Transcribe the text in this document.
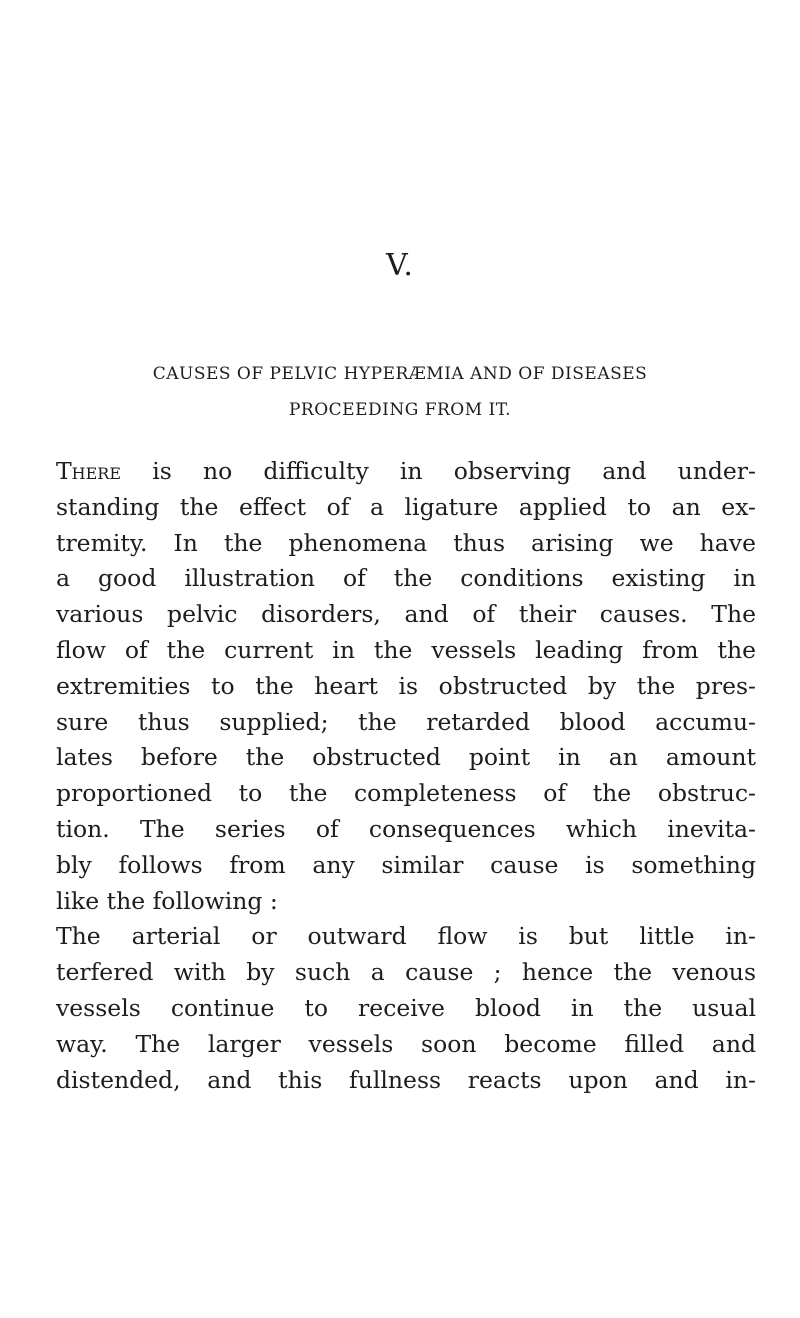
V.
CAUSES OF PELVIC HYPERÆMIA AND OF DISEASES
PROCEEDING FROM IT.
There is no difficulty in observing and under-
standing the effect of a ligature applied to an ex-
tremity. In the phenomena thus arising we have
a good illustration of the conditions existing in
various pelvic disorders, and of their causes. The
flow of the current in the vessels leading from the
extremities to the heart is obstructed by the pres-
sure thus supplied; the retarded blood accumu-
lates before the obstructed point in an amount
proportioned to the completeness of the obstruc-
tion. The series of consequences which inevita-
bly follows from any similar cause is something
like the following :
The arterial or outward flow is but little in-
terfered with by such a cause ; hence the venous
vessels continue to receive blood in the usual
way. The larger vessels soon become filled and
distended, and this fullness reacts upon and in-
